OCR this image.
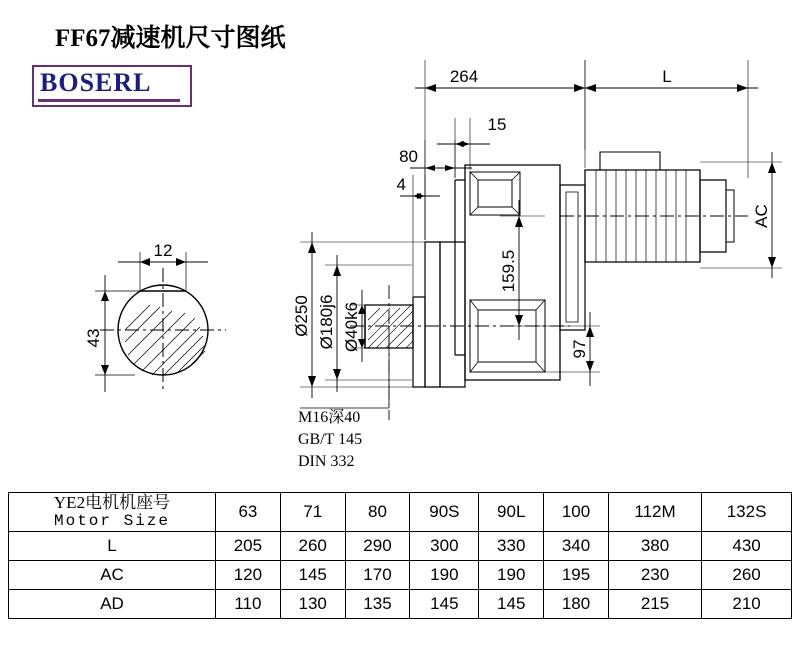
FF67减速机尺寸图纸
BOSERL	264	L
15
80
4
AC
159.5
97
Ø250 Ø180j6 Ø40k6
12
43
M16深40
GB/T 145
DIN 332
YE2电机机座号
Motor Size	63	71	80	90S	90L	100	112M	132S
L	205	260	290	300	330	340	380	430
AC	120	145	170	190	190	195	230	260
AD	110	130	135	145	145	180	215	210
